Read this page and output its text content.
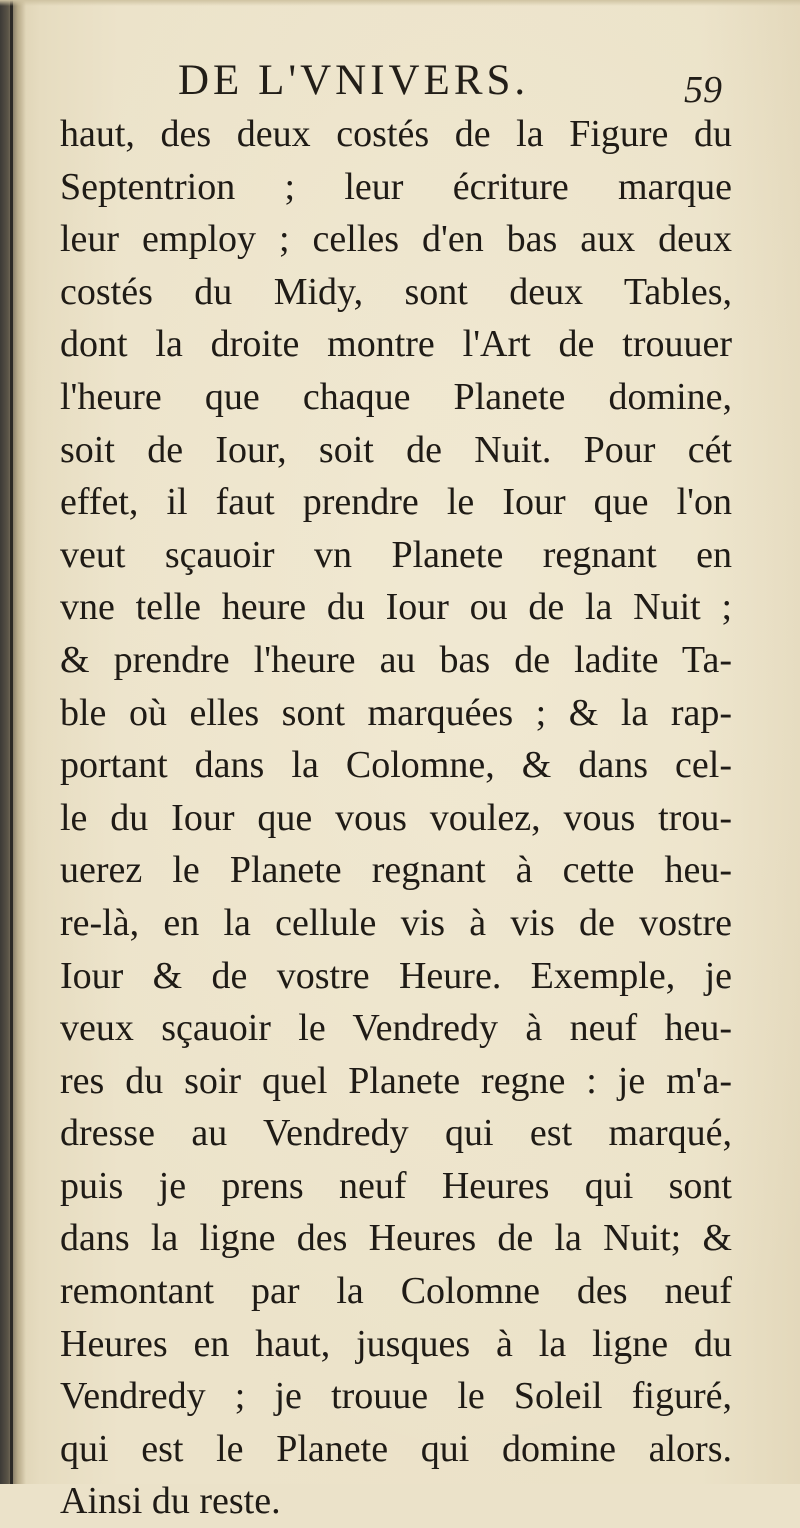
DE L'VNIVERS.	59
haut, des deux costés de la Figure du
Septentrion ; leur écriture marque
leur employ ; celles d'en bas aux deux
costés du Midy, sont deux Tables,
dont la droite montre l'Art de trouuer
l'heure que chaque Planete domine,
soit de Iour, soit de Nuit. Pour cét
effet, il faut prendre le Iour que l'on
veut sçauoir vn Planete regnant en
vne telle heure du Iour ou de la Nuit ;
& prendre l'heure au bas de ladite Ta-
ble où elles sont marquées ; & la rap-
portant dans la Colomne, & dans cel-
le du Iour que vous voulez, vous trou-
uerez le Planete regnant à cette heu-
re-là, en la cellule vis à vis de vostre
Iour & de vostre Heure. Exemple, je
veux sçauoir le Vendredy à neuf heu-
res du soir quel Planete regne : je m'a-
dresse au Vendredy qui est marqué,
puis je prens neuf Heures qui sont
dans la ligne des Heures de la Nuit; &
remontant par la Colomne des neuf
Heures en haut, jusques à la ligne du
Vendredy ; je trouue le Soleil figuré,
qui est le Planete qui domine alors.
Ainsi du reste.
